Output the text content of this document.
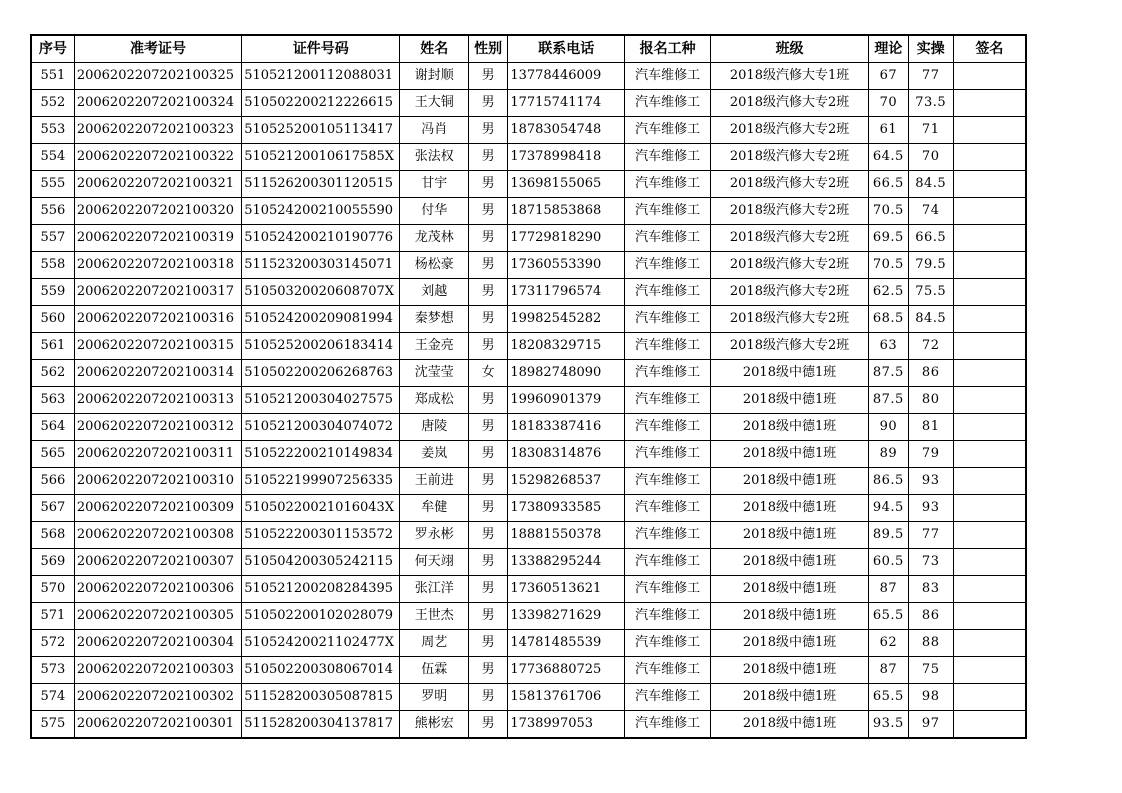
序号	准考证号	证件号码	姓名	性别	联系电话	报名工种	班级	理论	实操	签名
551	2006202207202100325	510521200112088031	谢封顺	男	13778446009	汽车维修工	2018级汽修大专1班	67	77	
552	2006202207202100324	510502200212226615	王大铜	男	17715741174	汽车维修工	2018级汽修大专2班	70	73.5	
553	2006202207202100323	510525200105113417	冯肖	男	18783054748	汽车维修工	2018级汽修大专2班	61	71	
554	2006202207202100322	51052120010617585X	张法权	男	17378998418	汽车维修工	2018级汽修大专2班	64.5	70	
555	2006202207202100321	511526200301120515	甘宇	男	13698155065	汽车维修工	2018级汽修大专2班	66.5	84.5	
556	2006202207202100320	510524200210055590	付华	男	18715853868	汽车维修工	2018级汽修大专2班	70.5	74	
557	2006202207202100319	510524200210190776	龙茂林	男	17729818290	汽车维修工	2018级汽修大专2班	69.5	66.5	
558	2006202207202100318	511523200303145071	杨松豪	男	17360553390	汽车维修工	2018级汽修大专2班	70.5	79.5	
559	2006202207202100317	51050320020608707X	刘越	男	17311796574	汽车维修工	2018级汽修大专2班	62.5	75.5	
560	2006202207202100316	510524200209081994	秦梦想	男	19982545282	汽车维修工	2018级汽修大专2班	68.5	84.5	
561	2006202207202100315	510525200206183414	王金亮	男	18208329715	汽车维修工	2018级汽修大专2班	63	72	
562	2006202207202100314	510502200206268763	沈莹莹	女	18982748090	汽车维修工	2018级中德1班	87.5	86	
563	2006202207202100313	510521200304027575	郑成松	男	19960901379	汽车维修工	2018级中德1班	87.5	80	
564	2006202207202100312	510521200304074072	唐陵	男	18183387416	汽车维修工	2018级中德1班	90	81	
565	2006202207202100311	510522200210149834	姜岚	男	18308314876	汽车维修工	2018级中德1班	89	79	
566	2006202207202100310	510522199907256335	王前进	男	15298268537	汽车维修工	2018级中德1班	86.5	93	
567	2006202207202100309	51050220021016043X	牟健	男	17380933585	汽车维修工	2018级中德1班	94.5	93	
568	2006202207202100308	510522200301153572	罗永彬	男	18881550378	汽车维修工	2018级中德1班	89.5	77	
569	2006202207202100307	510504200305242115	何天翊	男	13388295244	汽车维修工	2018级中德1班	60.5	73	
570	2006202207202100306	510521200208284395	张江洋	男	17360513621	汽车维修工	2018级中德1班	87	83	
571	2006202207202100305	510502200102028079	王世杰	男	13398271629	汽车维修工	2018级中德1班	65.5	86	
572	2006202207202100304	51052420021102477X	周艺	男	14781485539	汽车维修工	2018级中德1班	62	88	
573	2006202207202100303	510502200308067014	伍霖	男	17736880725	汽车维修工	2018级中德1班	87	75	
574	2006202207202100302	511528200305087815	罗明	男	15813761706	汽车维修工	2018级中德1班	65.5	98	
575	2006202207202100301	511528200304137817	熊彬宏	男	1738997053	汽车维修工	2018级中德1班	93.5	97	
